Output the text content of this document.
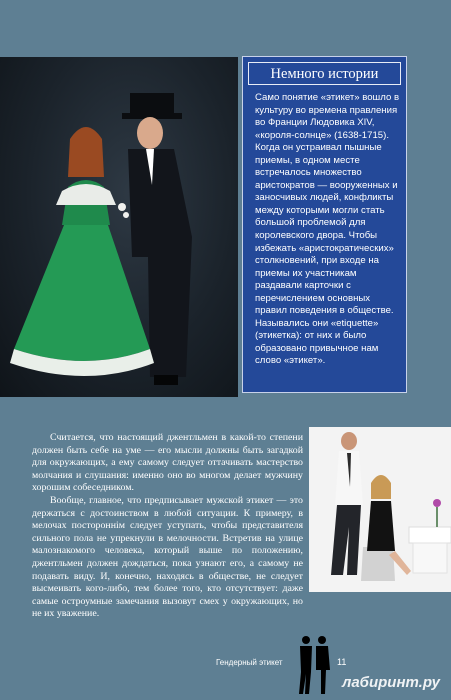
Немного истории
Само понятие «этикет» вошло в культуру во времена правления во Франции Людовика XIV, «короля-солнце» (1638-1715). Когда он устраивал пышные приемы, в одном месте встречалось множество аристократов — вооруженных и заносчивых людей, конфликты между которыми могли стать большой проблемой для королевского двора. Чтобы избежать «аристократических» столкновений, при входе на приемы их участникам раздавали карточки с перечислением основных правил поведения в обществе. Назывались они «etiquette» (этикетка): от них и было образовано привычное нам слово «этикет».

Считается, что настоящий джентльмен в какой-то степени должен быть себе на уме — его мысли должны быть загадкой для окружающих, а ему самому следует оттачивать мастерство молчания и слушания: именно оно во многом делает мужчину хорошим собеседником.

Вообще, главное, что предписывает мужской этикет — это держаться с достоинством в любой ситуации. К примеру, в мелочах постороннім следует уступать, чтобы представителя сильного пола не упрекнули в мелочности. Встретив на улице малознакомого человека, который выше по положению, джентльмен должен дождаться, пока узнают его, а самому не подавать виду. И, конечно, находясь в обществе, не следует высмеивать кого-либо, тем более того, кто отсутствует: даже самые остроумные замечания вызовут смех у окружающих, но не их уважение.

Гендерный этикет	11
лабиринт.ру
